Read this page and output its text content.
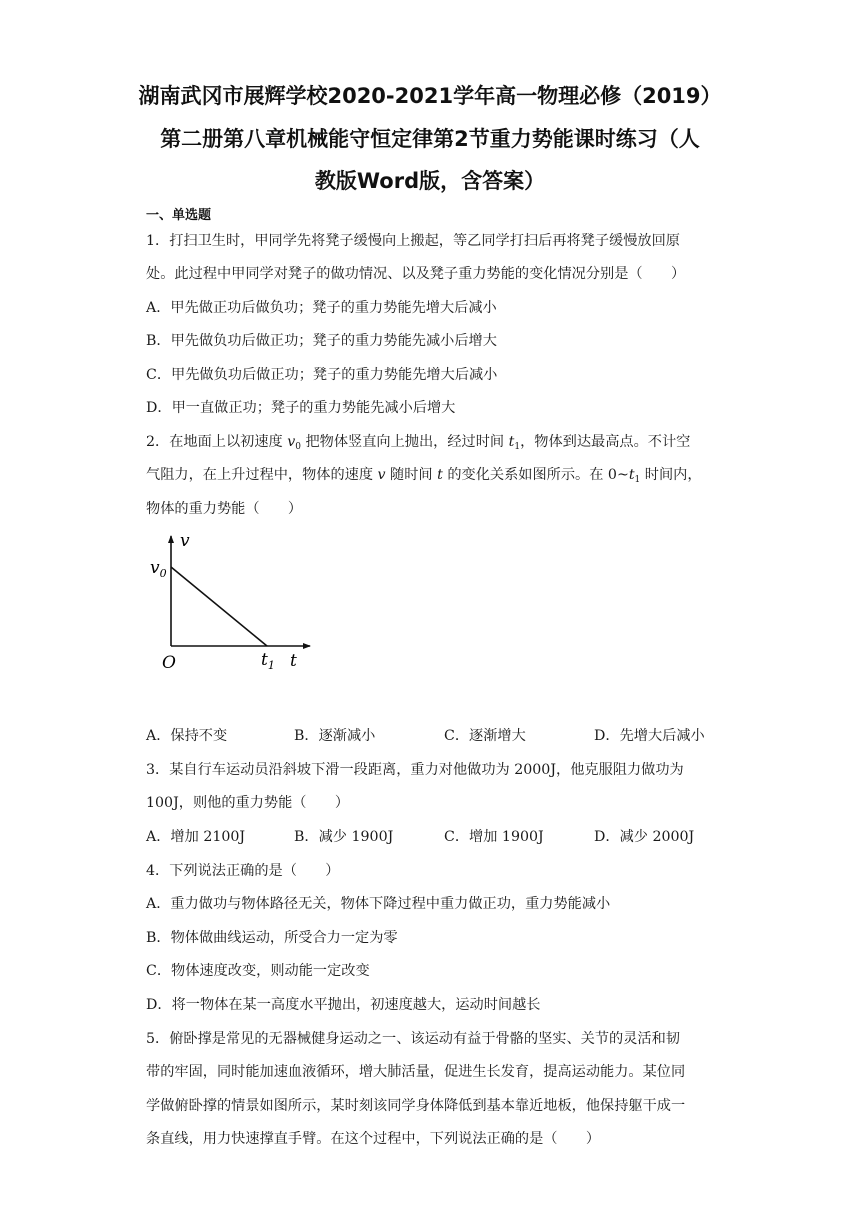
湖南武冈市展辉学校2020-2021学年高一物理必修（2019）
第二册第八章机械能守恒定律第2节重力势能课时练习（人
教版Word版，含答案）
一、单选题
1．打扫卫生时，甲同学先将凳子缓慢向上搬起，等乙同学打扫后再将凳子缓慢放回原
处。此过程中甲同学对凳子的做功情况、以及凳子重力势能的变化情况分别是（　　）
A．甲先做正功后做负功；凳子的重力势能先增大后减小
B．甲先做负功后做正功；凳子的重力势能先减小后增大
C．甲先做负功后做正功；凳子的重力势能先增大后减小
D．甲一直做正功；凳子的重力势能先减小后增大
2．在地面上以初速度 $v_0$ 把物体竖直向上抛出，经过时间 $t_1$，物体到达最高点。不计空
气阻力，在上升过程中，物体的速度 v 随时间 t 的变化关系如图所示。在 $0\sim t_1$ 时间内，
物体的重力势能（　　）
v
$v_0$
O	$t_1$ t
A．保持不变	B．逐渐减小	C．逐渐增大	D．先增大后减小
3．某自行车运动员沿斜坡下滑一段距离，重力对他做功为 2000J，他克服阻力做功为
100J，则他的重力势能（　　）
A．增加 2100J	B．减少 1900J	C．增加 1900J	D．减少 2000J
4．下列说法正确的是（　　）
A．重力做功与物体路径无关，物体下降过程中重力做正功，重力势能减小
B．物体做曲线运动，所受合力一定为零
C．物体速度改变，则动能一定改变
D．将一物体在某一高度水平抛出，初速度越大，运动时间越长
5．俯卧撑是常见的无器械健身运动之一、该运动有益于骨骼的坚实、关节的灵活和韧
带的牢固，同时能加速血液循环，增大肺活量，促进生长发育，提高运动能力。某位同
学做俯卧撑的情景如图所示，某时刻该同学身体降低到基本靠近地板，他保持躯干成一
条直线，用力快速撑直手臂。在这个过程中，下列说法正确的是（　　）
